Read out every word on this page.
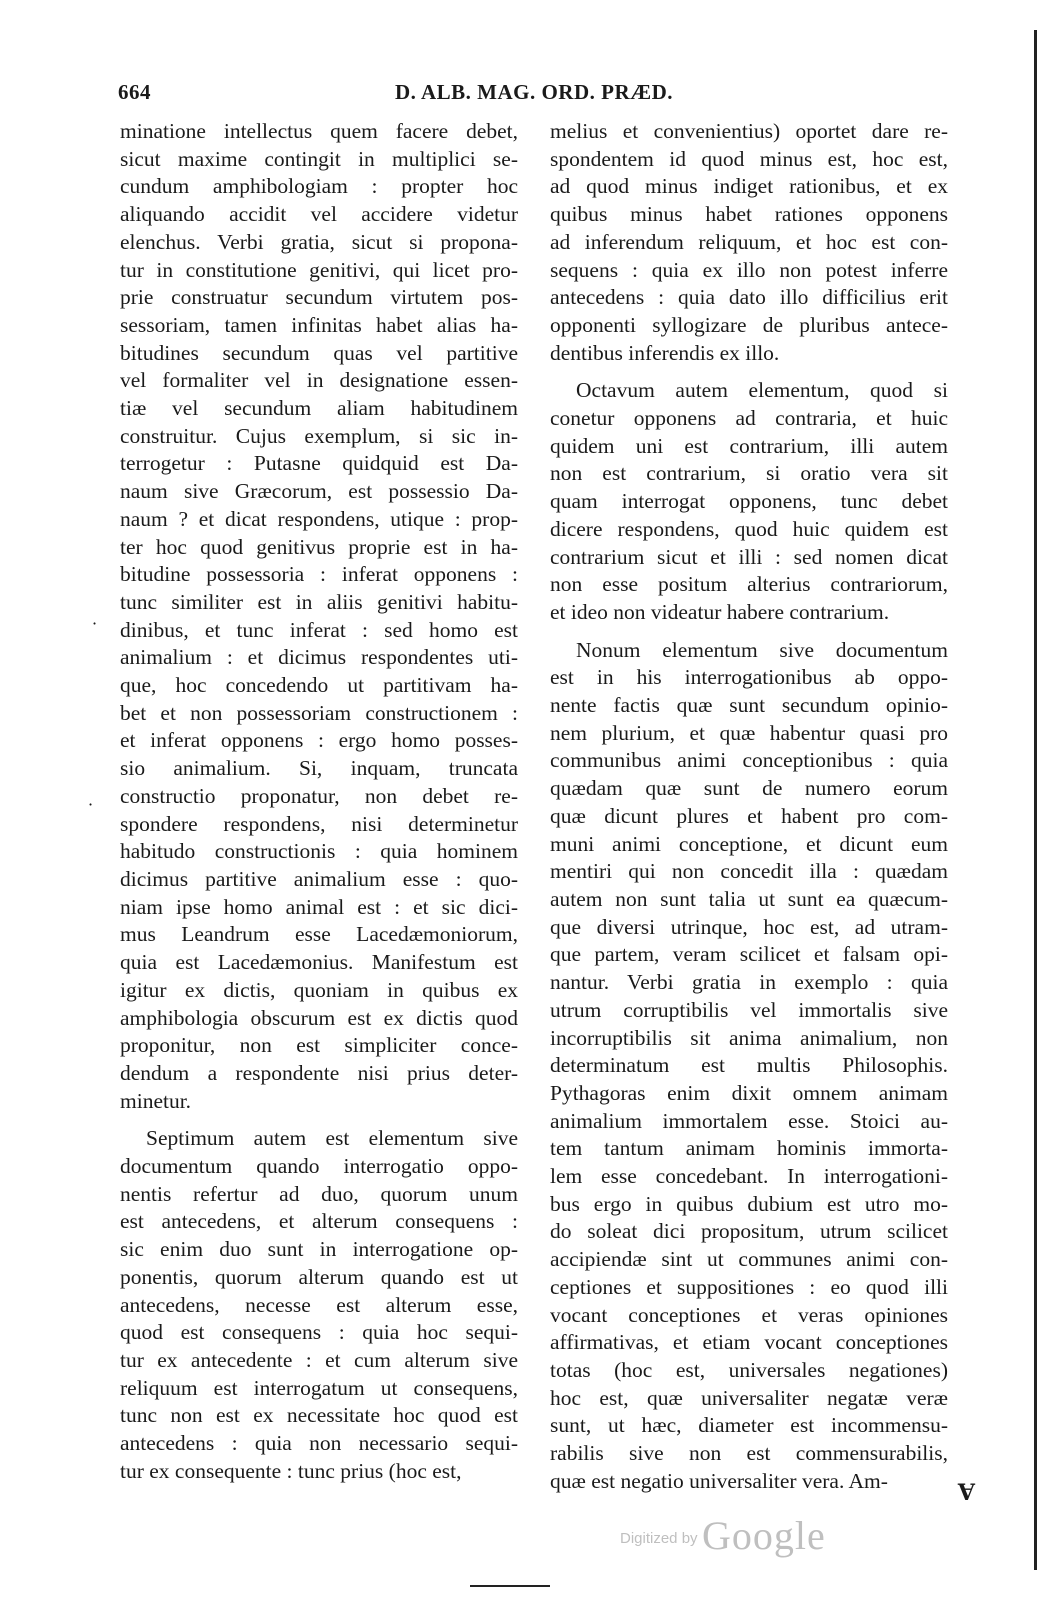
664	D. ALB. MAG. ORD. PRÆD.
·
·
minatione intellectus quem facere debet,
sicut maxime contingit in multiplici se-
cundum amphibologiam : propter hoc
aliquando accidit vel accidere videtur
elenchus. Verbi gratia, sicut si propona-
tur in constitutione genitivi, qui licet pro-
prie construatur secundum virtutem pos-
sessoriam, tamen infinitas habet alias ha-
bitudines secundum quas vel partitive
vel formaliter vel in designatione essen-
tiæ vel secundum aliam habitudinem
construitur. Cujus exemplum, si sic in-
terrogetur : Putasne quidquid est Da-
naum sive Græcorum, est possessio Da-
naum ? et dicat respondens, utique : prop-
ter hoc quod genitivus proprie est in ha-
bitudine possessoria : inferat opponens :
tunc similiter est in aliis genitivi habitu-
dinibus, et tunc inferat : sed homo est
animalium : et dicimus respondentes uti-
que, hoc concedendo ut partitivam ha-
bet et non possessoriam constructionem :
et inferat opponens : ergo homo posses-
sio animalium. Si, inquam, truncata
constructio proponatur, non debet re-
spondere respondens, nisi determinetur
habitudo constructionis : quia hominem
dicimus partitive animalium esse : quo-
niam ipse homo animal est : et sic dici-
mus Leandrum esse Lacedæmoniorum,
quia est Lacedæmonius. Manifestum est
igitur ex dictis, quoniam in quibus ex
amphibologia obscurum est ex dictis quod
proponitur, non est simpliciter conce-
dendum a respondente nisi prius deter-
minetur.
Septimum autem est elementum sive
documentum quando interrogatio oppo-
nentis refertur ad duo, quorum unum
est antecedens, et alterum consequens :
sic enim duo sunt in interrogatione op-
ponentis, quorum alterum quando est ut
antecedens, necesse est alterum esse,
quod est consequens : quia hoc sequi-
tur ex antecedente : et cum alterum sive
reliquum est interrogatum ut consequens,
tunc non est ex necessitate hoc quod est
antecedens : quia non necessario sequi-
tur ex consequente : tunc prius (hoc est,
melius et convenientius) oportet dare re-
spondentem id quod minus est, hoc est,
ad quod minus indiget rationibus, et ex
quibus minus habet rationes opponens
ad inferendum reliquum, et hoc est con-
sequens : quia ex illo non potest inferre
antecedens : quia dato illo difficilius erit
opponenti syllogizare de pluribus antece-
dentibus inferendis ex illo.
Octavum autem elementum, quod si
conetur opponens ad contraria, et huic
quidem uni est contrarium, illi autem
non est contrarium, si oratio vera sit
quam interrogat opponens, tunc debet
dicere respondens, quod huic quidem est
contrarium sicut et illi : sed nomen dicat
non esse positum alterius contrariorum,
et ideo non videatur habere contrarium.
Nonum elementum sive documentum
est in his interrogationibus ab oppo-
nente factis quæ sunt secundum opinio-
nem plurium, et quæ habentur quasi pro
communibus animi conceptionibus : quia
quædam quæ sunt de numero eorum
quæ dicunt plures et habent pro com-
muni animi conceptione, et dicunt eum
mentiri qui non concedit illa : quædam
autem non sunt talia ut sunt ea quæcum-
que diversi utrinque, hoc est, ad utram-
que partem, veram scilicet et falsam opi-
nantur. Verbi gratia in exemplo : quia
utrum corruptibilis vel immortalis sive
incorruptibilis sit anima animalium, non
determinatum est multis Philosophis.
Pythagoras enim dixit omnem animam
animalium immortalem esse. Stoici au-
tem tantum animam hominis immorta-
lem esse concedebant. In interrogationi-
bus ergo in quibus dubium est utro mo-
do soleat dici propositum, utrum scilicet
accipiendæ sint ut communes animi con-
ceptiones et suppositiones : eo quod illi
vocant conceptiones et veras opiniones
affirmativas, et etiam vocant conceptiones
totas (hoc est, universales negationes)
hoc est, quæ universaliter negatæ veræ
sunt, ut hæc, diameter est incommensu-
rabilis sive non est commensurabilis,
quæ est negatio universaliter vera. Am-	Ɐ
Digitized by Google
